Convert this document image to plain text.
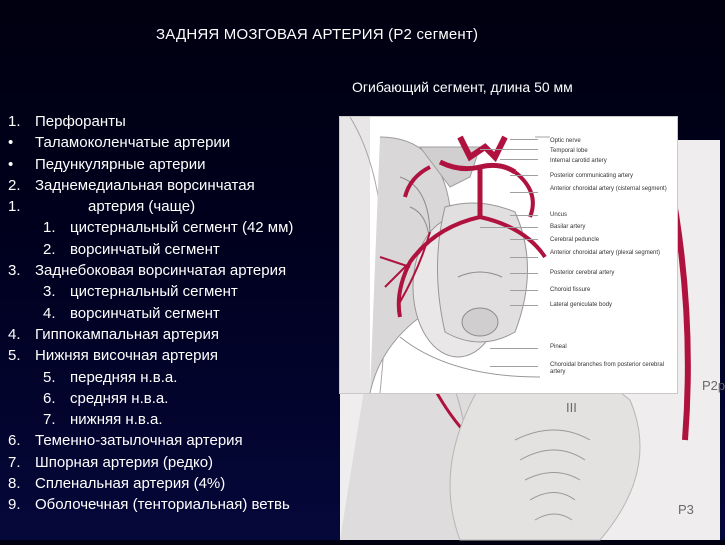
ЗАДНЯЯ МОЗГОВАЯ АРТЕРИЯ (Р2 сегмент)
Огибающий сегмент, длина 50 мм
1. Перфоранты
• Таламоколенчатые артерии
• Педункулярные артерии
2. Заднемедиальная ворсинчатая
1.	артерия (чаще)
1. цистернальный сегмент (42 мм)
2. ворсинчатый сегмент
3. Заднебоковая ворсинчатая артерия
3. цистернальный сегмент
4. ворсинчатый сегмент
4. Гиппокампальная артерия
5. Нижняя височная артерия
5. передняя н.в.а.
6. средняя н.в.а.
7. нижняя н.в.а.
6. Теменно-затылочная артерия
7. Шпорная артерия (редко)
8. Спленальная артерия (4%)
9. Оболочечная (тенториальная) ветвь
P2p
III
P3
Optic nerve
Temporal lobe
Internal carotid artery
Posterior communicating artery
Anterior choroidal artery (cisternal segment)
Uncus
Basilar artery
Cerebral peduncle
Anterior choroidal artery (plexal segment)
Posterior cerebral artery
Choroid fissure
Lateral geniculate body
Pineal
Choroidal branches from posterior cerebral artery
